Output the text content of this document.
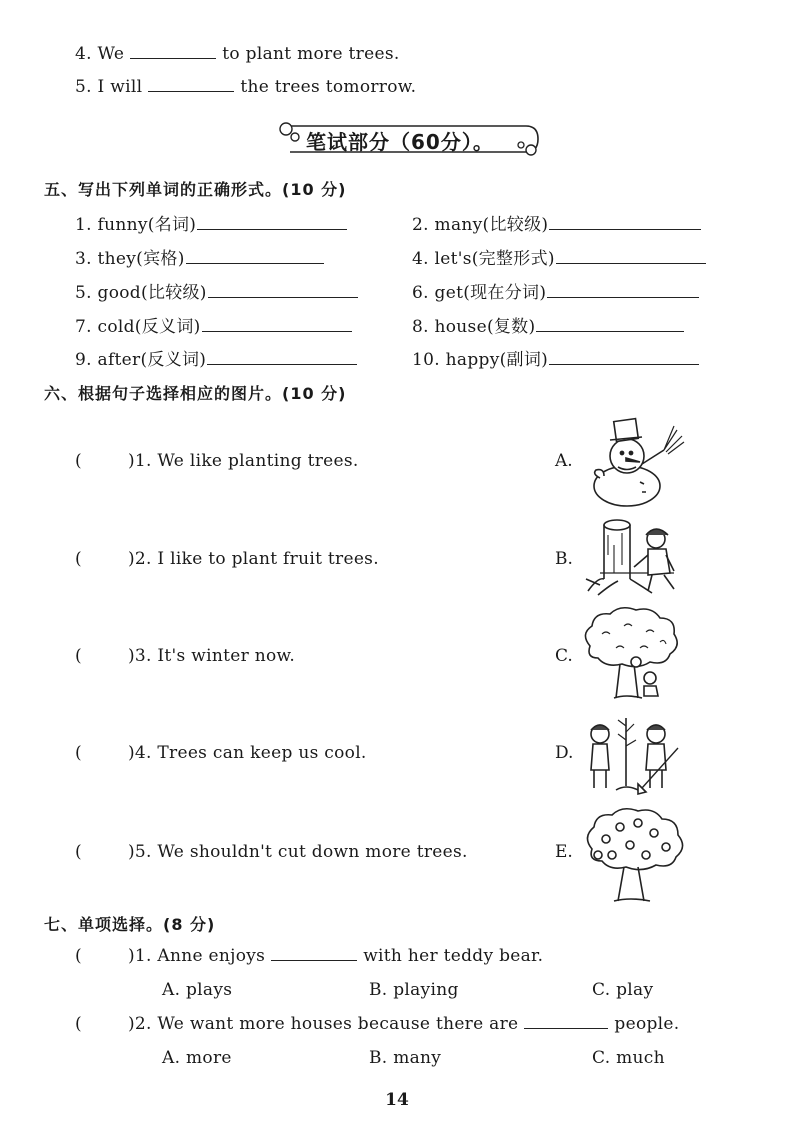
4. We	to plant more trees.
5. I will	the trees tomorrow.
笔试部分（60分）。
五、写出下列单词的正确形式。(10 分)
1. funny(名词)	2. many(比较级)
3. they(宾格)	4. let's(完整形式)
5. good(比较级)	6. get(现在分词)
7. cold(反义词)	8. house(复数)
9. after(反义词)	10. happy(副词)
六、根据句子选择相应的图片。(10 分)
(	)1. We like planting trees.
(	)2. I like to plant fruit trees.
(	)3. It's winter now.
(	)4. Trees can keep us cool.
(	)5. We shouldn't cut down more trees.
A.
B.
C.
D.
E.
七、单项选择。(8 分)
(	)1. Anne enjoys	with her teddy bear.
A. plays	B. playing	C. play
(	)2. We want more houses because there are	people.
A. more	B. many	C. much
14
